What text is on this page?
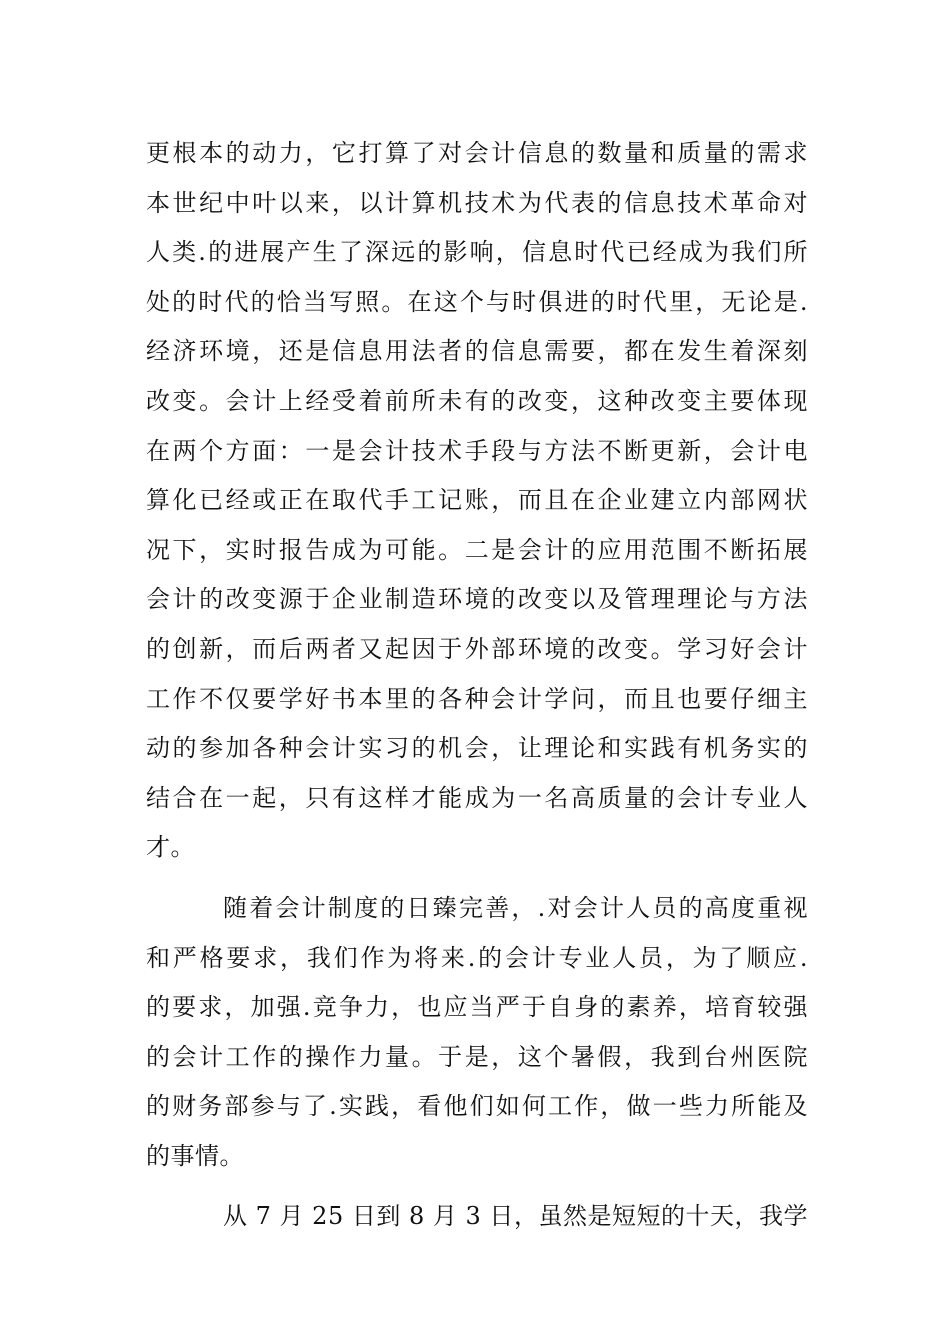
更根本的动力，它打算了对会计信息的数量和质量的需求
本世纪中叶以来，以计算机技术为代表的信息技术革命对
人类.的进展产生了深远的影响，信息时代已经成为我们所
处的时代的恰当写照。在这个与时俱进的时代里，无论是.
经济环境，还是信息用法者的信息需要，都在发生着深刻
改变。会计上经受着前所未有的改变，这种改变主要体现
在两个方面：一是会计技术手段与方法不断更新，会计电
算化已经或正在取代手工记账，而且在企业建立内部网状
况下，实时报告成为可能。二是会计的应用范围不断拓展
会计的改变源于企业制造环境的改变以及管理理论与方法
的创新，而后两者又起因于外部环境的改变。学习好会计
工作不仅要学好书本里的各种会计学问，而且也要仔细主
动的参加各种会计实习的机会，让理论和实践有机务实的
结合在一起，只有这样才能成为一名高质量的会计专业人
才。
随着会计制度的日臻完善，.对会计人员的高度重视
和严格要求，我们作为将来.的会计专业人员，为了顺应.
的要求，加强.竞争力，也应当严于自身的素养，培育较强
的会计工作的操作力量。于是，这个暑假，我到台州医院
的财务部参与了.实践，看他们如何工作，做一些力所能及
的事情。
从 7 月 25 日到 8 月 3 日，虽然是短短的十天，我学
